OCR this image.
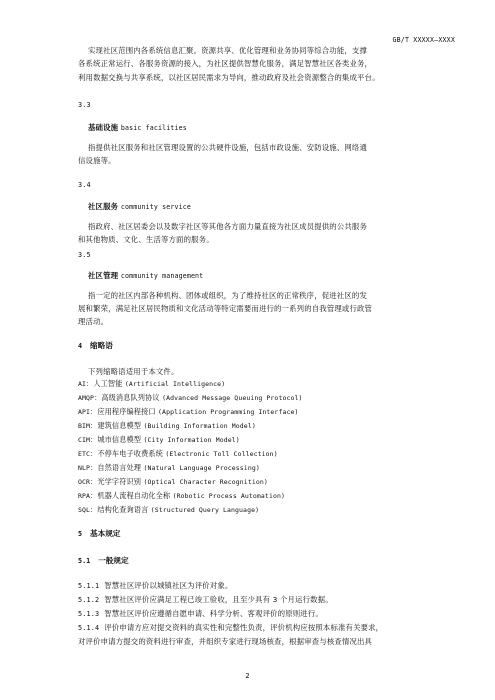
GB/T XXXXX—XXXX
实现社区范围内各系统信息汇聚。资源共享、优化管理和业务协同等综合功能，支撑
各系统正常运行、各服务资源的接入，为社区提供智慧化服务，满足智慧社区各类业务，
利用数据交换与共享系统，以社区居民需求为导向，推动政府及社会资源整合的集成平台。
3.3
基础设施 basic facilities
指提供社区服务和社区管理设置的公共硬件设施，包括市政设施、安防设施、网络通
信设施等。
3.4
社区服务 community service
指政府、社区居委会以及数字社区等其他各方面力量直接为社区成员提供的公共服务
和其他物质、文化、生活等方面的服务。
3.5
社区管理 community management
指一定的社区内部各种机构、团体或组织，为了维持社区的正常秩序，促进社区的发
展和繁荣，满足社区居民物质和文化活动等特定需要而进行的一系列的自我管理或行政管
理活动。
4 缩略语
下列缩略语适用于本文件。
AI：人工智能 (Artificial Intelligence)
AMQP：高级消息队列协议 (Advanced Message Queuing Protocol)
API：应用程序编程接口 (Application Programming Interface)
BIM：建筑信息模型 (Building Information Model)
CIM：城市信息模型 (City Information Model)
ETC：不停车电子收费系统 (Electronic Toll Collection)
NLP：自然语言处理 (Natural Language Processing)
OCR：光学字符识别 (Optical Character Recognition)
RPA：机器人流程自动化全称 (Robotic Process Automation)
SQL：结构化查询语言 (Structured Query Language)
5 基本规定
5.1 一般规定
5.1.1 智慧社区评价以城镇社区为评价对象。
5.1.2 智慧社区评价应满足工程已竣工验收，且至少具有 3 个月运行数据。
5.1.3 智慧社区评价应遵循自愿申请、科学分析、客观评价的原则进行。
5.1.4 评价申请方应对提交资料的真实性和完整性负责，评价机构应按照本标准有关要求，
对评价申请方提交的资料进行审查，并组织专家进行现场核查，根据审查与核查情况出具
2
